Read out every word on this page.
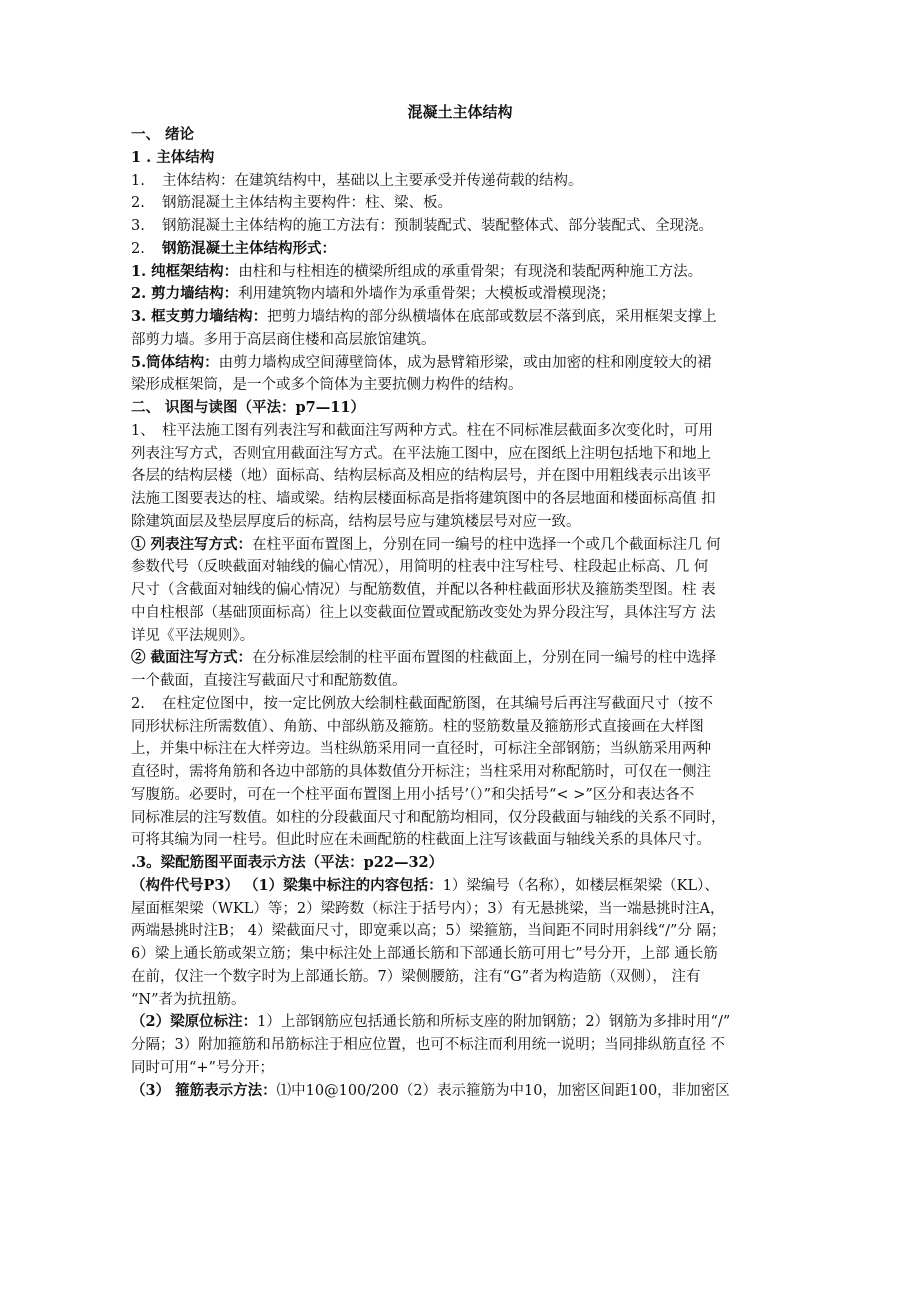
混凝土主体结构
一、 绪论
1 . 主体结构
1. 主体结构：在建筑结构中，基础以上主要承受并传递荷载的结构。
2. 钢筋混凝土主体结构主要构件：柱、梁、板。
3. 钢筋混凝土主体结构的施工方法有：预制装配式、装配整体式、部分装配式、全现浇。
2. 钢筋混凝土主体结构形式：
1. 纯框架结构：由柱和与柱相连的横梁所组成的承重骨架；有现浇和装配两种施工方法。
2. 剪力墙结构：利用建筑物内墙和外墙作为承重骨架；大模板或滑模现浇；
3. 框支剪力墙结构：把剪力墙结构的部分纵横墙体在底部或数层不落到底，采用框架支撑上
部剪力墙。多用于高层商住楼和高层旅馆建筑。
5.筒体结构：由剪力墙构成空间薄壁筒体，成为悬臂箱形梁，或由加密的柱和刚度较大的裙
梁形成框架筒，是一个或多个筒体为主要抗侧力构件的结构。
二、 识图与读图（平法：p7—11）
1、 柱平法施工图有列表注写和截面注写两种方式。柱在不同标准层截面多次变化时，可用
列表注写方式，否则宜用截面注写方式。在平法施工图中，应在图纸上注明包括地下和地上
各层的结构层楼（地）面标高、结构层标高及相应的结构层号，并在图中用粗线表示出该平
法施工图要表达的柱、墙或梁。结构层楼面标高是指将建筑图中的各层地面和楼面标高值 扣
除建筑面层及垫层厚度后的标高，结构层号应与建筑楼层号对应一致。
① 列表注写方式：在柱平面布置图上，分别在同一编号的柱中选择一个或几个截面标注几 何
参数代号（反映截面对轴线的偏心情况），用简明的柱表中注写柱号、柱段起止标高、几 何
尺寸（含截面对轴线的偏心情况）与配筋数值，并配以各种柱截面形状及箍筋类型图。柱 表
中自柱根部（基础顶面标高）往上以变截面位置或配筋改变处为界分段注写，具体注写方 法
详见《平法规则》。
② 截面注写方式：在分标准层绘制的柱平面布置图的柱截面上，分别在同一编号的柱中选择
一个截面，直接注写截面尺寸和配筋数值。
2. 在柱定位图中，按一定比例放大绘制柱截面配筋图，在其编号后再注写截面尺寸（按不
同形状标注所需数值）、角筋、中部纵筋及箍筋。柱的竖筋数量及箍筋形式直接画在大样图
上，并集中标注在大样旁边。当柱纵筋采用同一直径时，可标注全部钢筋；当纵筋采用两种
直径时，需将角筋和各边中部筋的具体数值分开标注；当柱采用对称配筋时，可仅在一侧注
写腹筋。必要时，可在一个柱平面布置图上用小括号’（）”和尖括号“< >”区分和表达各不
同标准层的注写数值。如柱的分段截面尺寸和配筋均相同，仅分段截面与轴线的关系不同时，
可将其编为同一柱号。但此时应在未画配筋的柱截面上注写该截面与轴线关系的具体尺寸。
.3。梁配筋图平面表示方法（平法：p22—32）
（构件代号P3） （1）梁集中标注的内容包括：1）梁编号（名称），如楼层框架梁（KL）、
屋面框架梁（WKL）等；2）梁跨数（标注于括号内）；3）有无悬挑梁，当一端悬挑时注A，
两端悬挑时注B； 4）梁截面尺寸，即宽乘以高；5）梁箍筋，当间距不同时用斜线“/”分 隔；
6）梁上通长筋或架立筋；集中标注处上部通长筋和下部通长筋可用七”号分开，上部 通长筋
在前，仅注一个数字时为上部通长筋。7）梁侧腰筋，注有“G”者为构造筋（双侧）， 注有
“N”者为抗扭筋。
（2）梁原位标注：1）上部钢筋应包括通长筋和所标支座的附加钢筋；2）钢筋为多排时用“/”
分隔；3）附加箍筋和吊筋标注于相应位置，也可不标注而利用统一说明；当同排纵筋直径 不
同时可用“+”号分开；
（3） 箍筋表示方法：⑴中10@100/200（2）表示箍筋为中10，加密区间距100，非加密区
